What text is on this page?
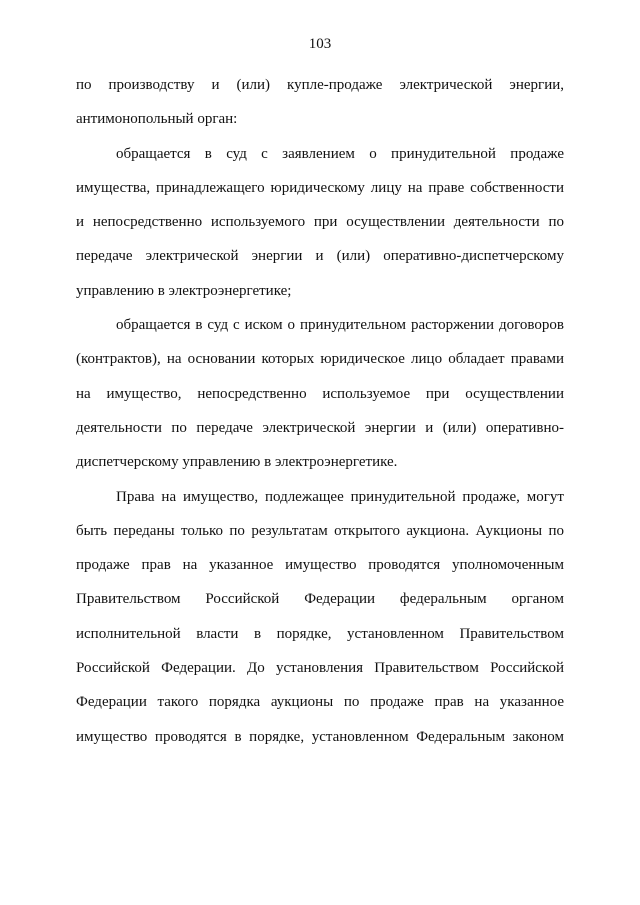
103
по производству и (или) купле-продаже электрической энергии,
антимонопольный орган:
обращается в суд с заявлением о принудительной продаже
имущества, принадлежащего юридическому лицу на праве собственности
и непосредственно используемого при осуществлении деятельности по
передаче электрической энергии и (или) оперативно-диспетчерскому
управлению в электроэнергетике;
обращается в суд с иском о принудительном расторжении договоров
(контрактов), на основании которых юридическое лицо обладает правами
на имущество, непосредственно используемое при осуществлении
деятельности по передаче электрической энергии и (или) оперативно-
диспетчерскому управлению в электроэнергетике.
Права на имущество, подлежащее принудительной продаже, могут
быть переданы только по результатам открытого аукциона. Аукционы по
продаже прав на указанное имущество проводятся уполномоченным
Правительством Российской Федерации федеральным органом
исполнительной власти в порядке, установленном Правительством
Российской Федерации. До установления Правительством Российской
Федерации такого порядка аукционы по продаже прав на указанное
имущество проводятся в порядке, установленном Федеральным законом
